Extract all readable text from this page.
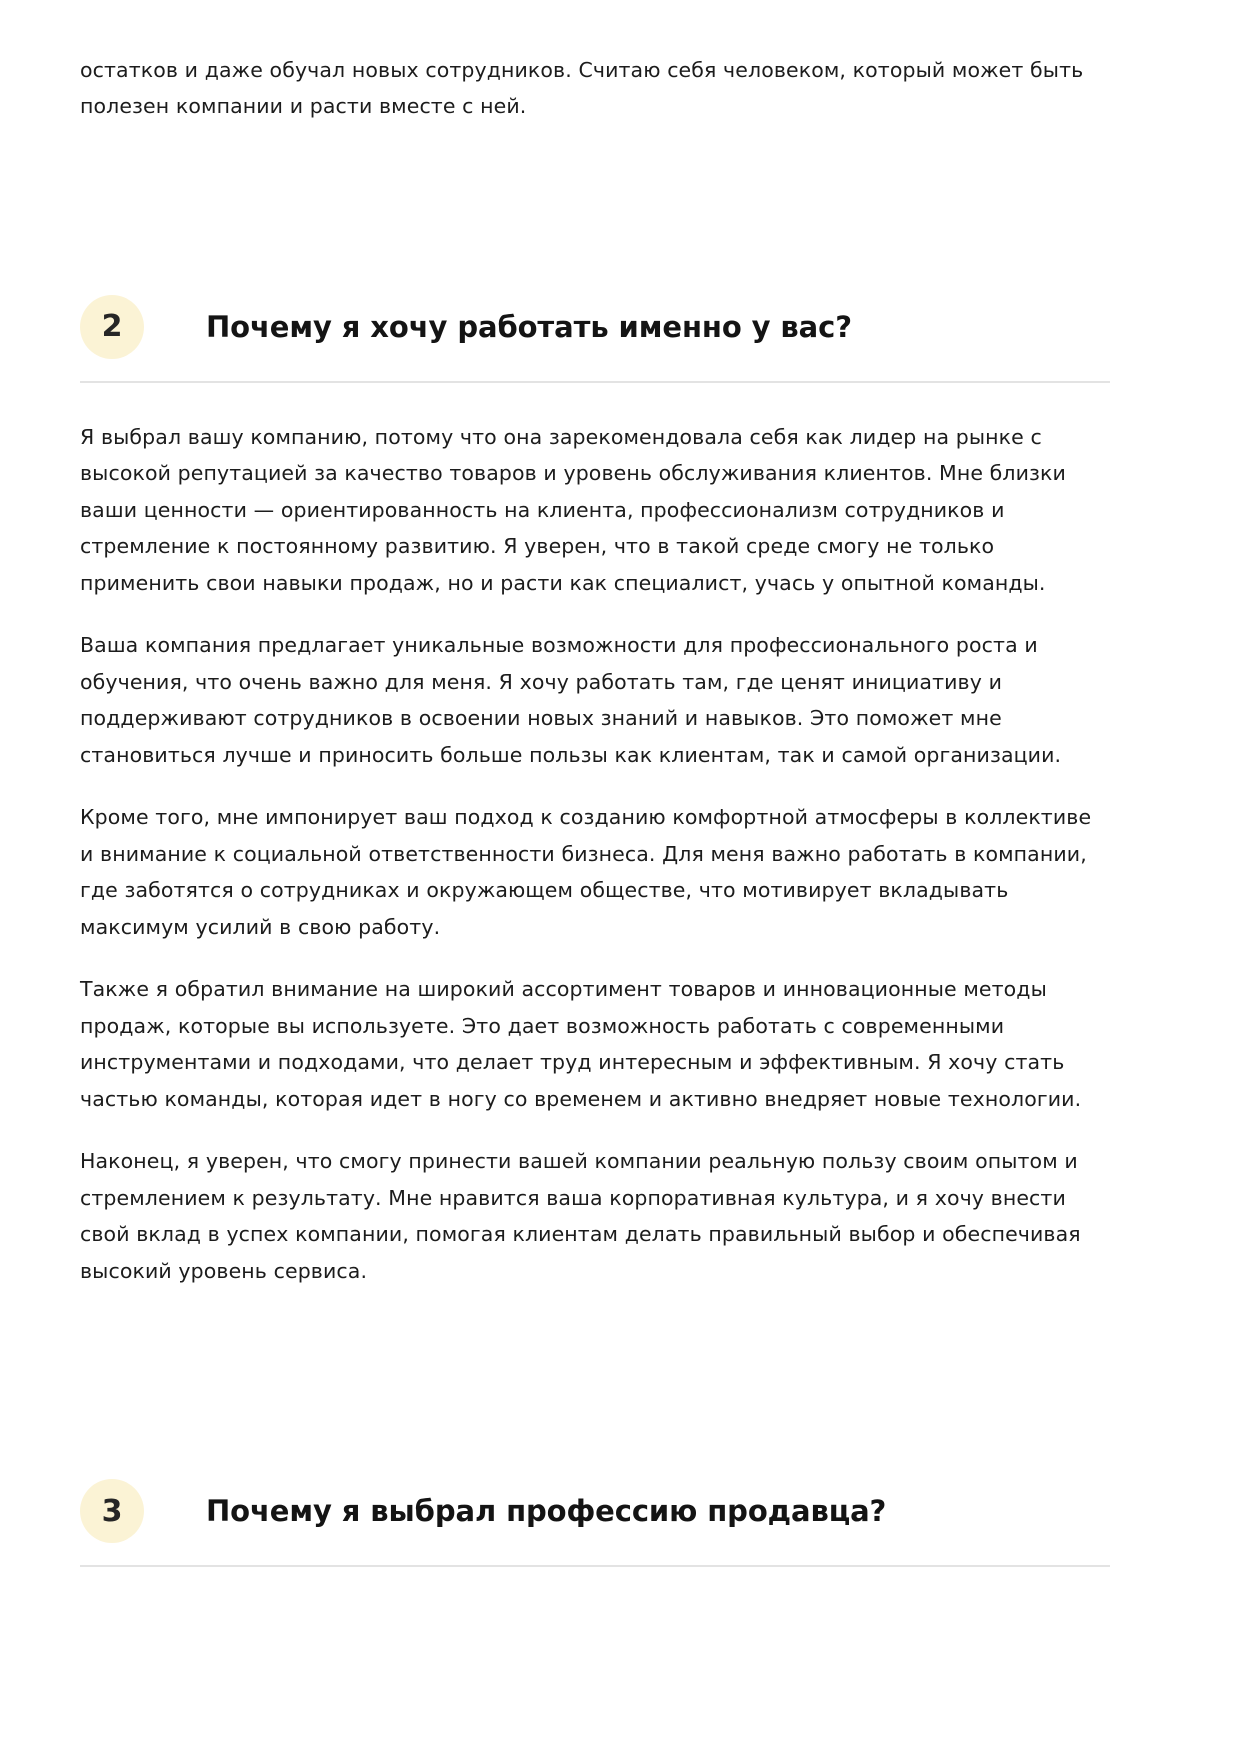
остатков и даже обучал новых сотрудников. Считаю себя человеком, который может быть полезен компании и расти вместе с ней.

2	Почему я хочу работать именно у вас?

Я выбрал вашу компанию, потому что она зарекомендовала себя как лидер на рынке с высокой репутацией за качество товаров и уровень обслуживания клиентов. Мне близки ваши ценности — ориентированность на клиента, профессионализм сотрудников и стремление к постоянному развитию. Я уверен, что в такой среде смогу не только применить свои навыки продаж, но и расти как специалист, учась у опытной команды.

Ваша компания предлагает уникальные возможности для профессионального роста и обучения, что очень важно для меня. Я хочу работать там, где ценят инициативу и поддерживают сотрудников в освоении новых знаний и навыков. Это поможет мне становиться лучше и приносить больше пользы как клиентам, так и самой организации.

Кроме того, мне импонирует ваш подход к созданию комфортной атмосферы в коллективе и внимание к социальной ответственности бизнеса. Для меня важно работать в компании, где заботятся о сотрудниках и окружающем обществе, что мотивирует вкладывать максимум усилий в свою работу.

Также я обратил внимание на широкий ассортимент товаров и инновационные методы продаж, которые вы используете. Это дает возможность работать с современными инструментами и подходами, что делает труд интересным и эффективным. Я хочу стать частью команды, которая идет в ногу со временем и активно внедряет новые технологии.

Наконец, я уверен, что смогу принести вашей компании реальную пользу своим опытом и стремлением к результату. Мне нравится ваша корпоративная культура, и я хочу внести свой вклад в успех компании, помогая клиентам делать правильный выбор и обеспечивая высокий уровень сервиса.

3	Почему я выбрал профессию продавца?
